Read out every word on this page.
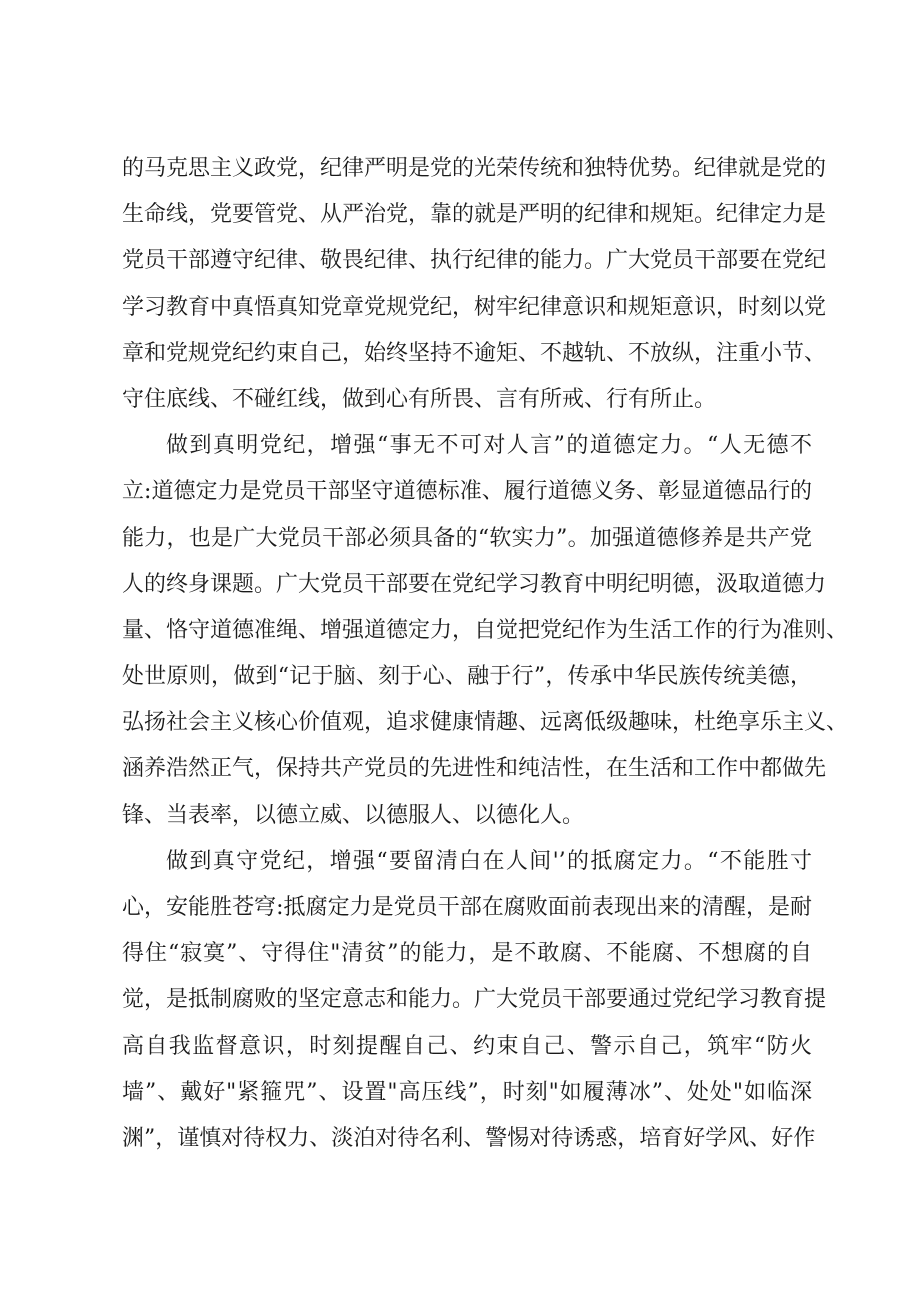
的马克思主义政党，纪律严明是党的光荣传统和独特优势。纪律就是党的
生命线，党要管党、从严治党，靠的就是严明的纪律和规矩。纪律定力是
党员干部遵守纪律、敬畏纪律、执行纪律的能力。广大党员干部要在党纪
学习教育中真悟真知党章党规党纪，树牢纪律意识和规矩意识，时刻以党
章和党规党纪约束自己，始终坚持不逾矩、不越轨、不放纵，注重小节、
守住底线、不碰红线，做到心有所畏、言有所戒、行有所止。
做到真明党纪，增强“事无不可对人言”的道德定力。“人无德不
立:道德定力是党员干部坚守道德标准、履行道德义务、彰显道德品行的
能力，也是广大党员干部必须具备的“软实力”。加强道德修养是共产党
人的终身课题。广大党员干部要在党纪学习教育中明纪明德，汲取道德力
量、恪守道德准绳、增强道德定力，自觉把党纪作为生活工作的行为准则、
处世原则，做到“记于脑、刻于心、融于行”，传承中华民族传统美德，
弘扬社会主义核心价值观，追求健康情趣、远离低级趣味，杜绝享乐主义、
涵养浩然正气，保持共产党员的先进性和纯洁性，在生活和工作中都做先
锋、当表率，以德立威、以德服人、以德化人。
做到真守党纪，增强“要留清白在人间'’的抵腐定力。“不能胜寸
心，安能胜苍穹:抵腐定力是党员干部在腐败面前表现出来的清醒，是耐
得住“寂寞”、守得住"清贫”的能力，是不敢腐、不能腐、不想腐的自
觉，是抵制腐败的坚定意志和能力。广大党员干部要通过党纪学习教育提
高自我监督意识，时刻提醒自己、约束自己、警示自己，筑牢“防火
墙”、戴好"紧箍咒”、设置"高压线”，时刻"如履薄冰”、处处"如临深
渊”，谨慎对待权力、淡泊对待名利、警惕对待诱惑，培育好学风、好作
